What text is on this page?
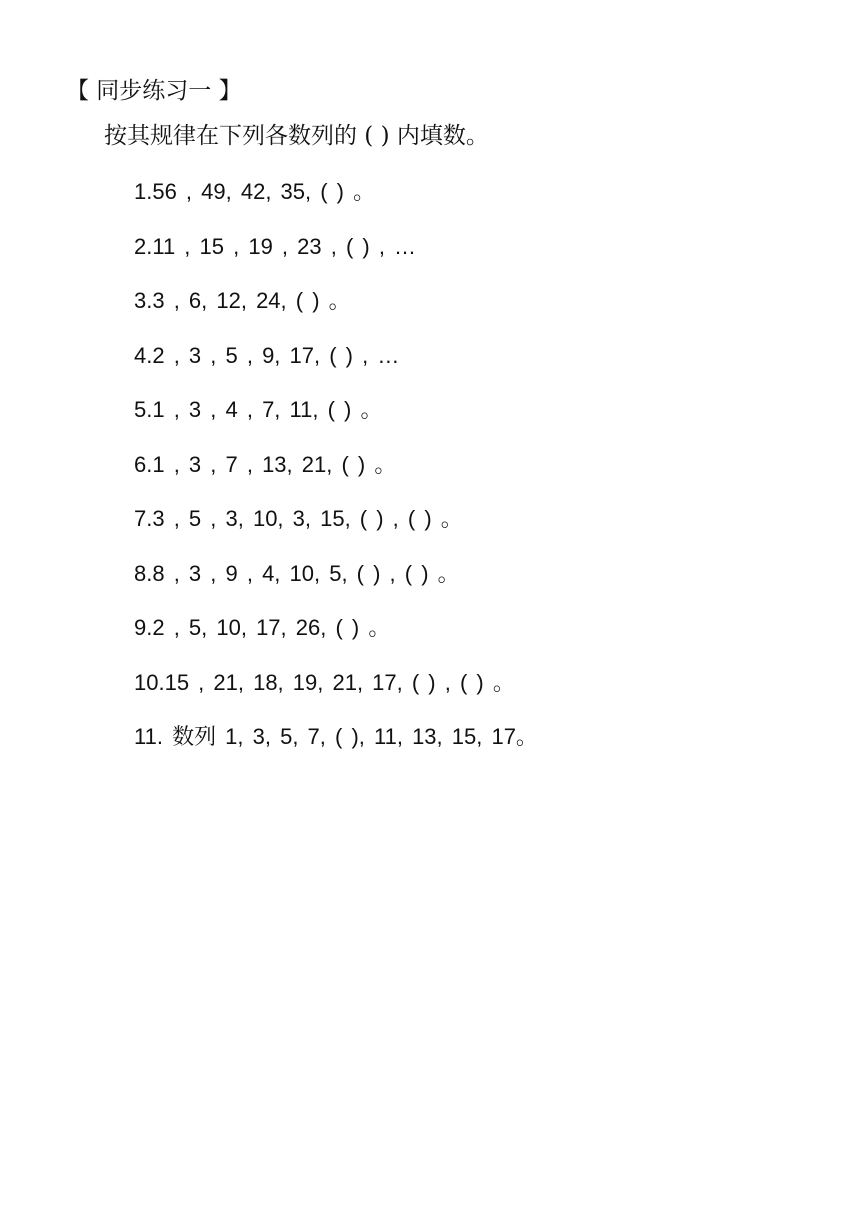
【 同步练习一 】
按其规律在下列各数列的 ( ) 内填数。
1.56 , 49, 42, 35, ( ) 。
2.11 , 15 , 19 , 23 , ( ) , …
3.3 , 6, 12, 24, ( ) 。
4.2 , 3 , 5 , 9, 17, ( ) , …
5.1 , 3 , 4 , 7, 11, ( ) 。
6.1 , 3 , 7 , 13, 21, ( ) 。
7.3 , 5 , 3, 10, 3, 15, ( ) , ( ) 。
8.8 , 3 , 9 , 4, 10, 5, ( ) , ( ) 。
9.2 , 5, 10, 17, 26, ( ) 。
10.15 , 21, 18, 19, 21, 17, ( ) , ( ) 。
11. 数列 1, 3, 5, 7, ( ), 11, 13, 15, 17。
